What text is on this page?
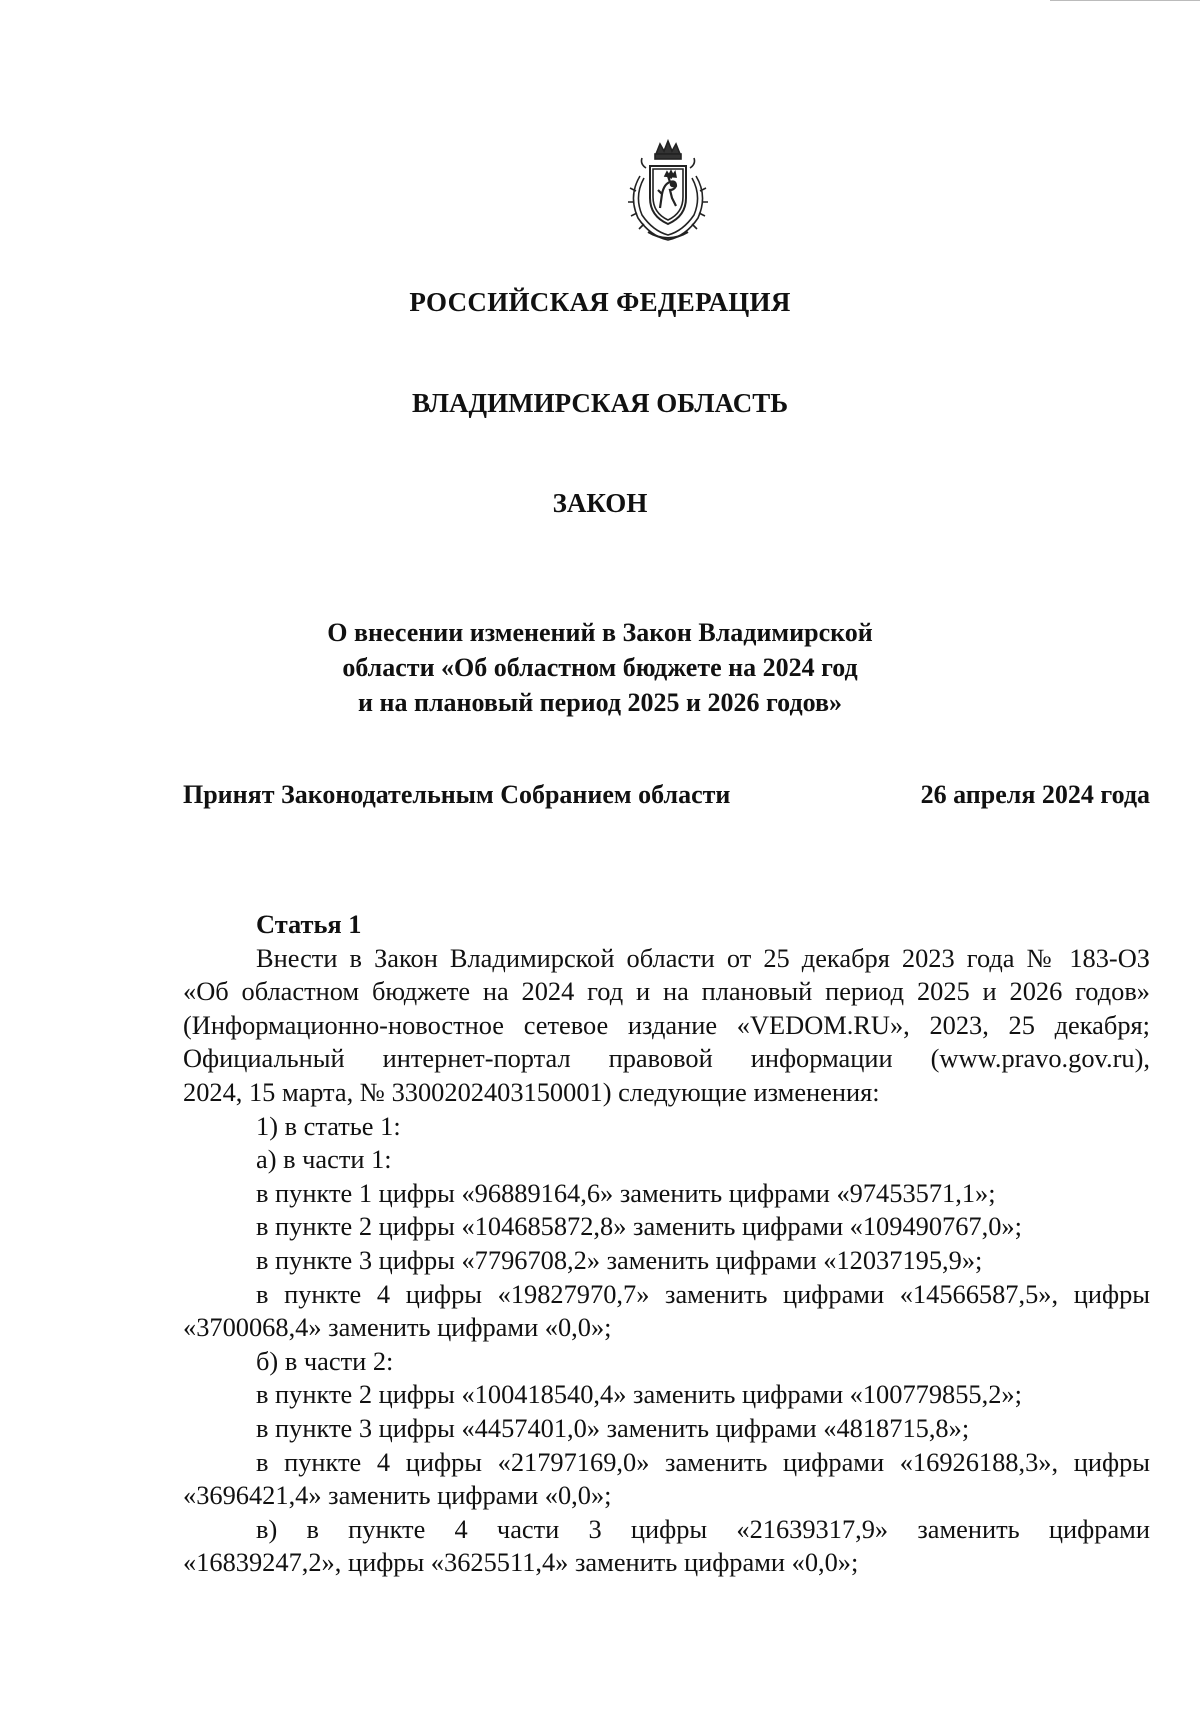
РОССИЙСКАЯ ФЕДЕРАЦИЯ
ВЛАДИМИРСКАЯ ОБЛАСТЬ
ЗАКОН
О внесении изменений в Закон Владимирской
области «Об областном бюджете на 2024 год
и на плановый период 2025 и 2026 годов»
Принят Законодательным Собранием области	26 апреля 2024 года

Статья 1

Внести в Закон Владимирской области от 25 декабря 2023 года № 183-ОЗ

«Об областном бюджете на 2024 год и на плановый период 2025 и 2026 годов»

(Информационно-новостное сетевое издание «VEDOM.RU», 2023, 25 декабря;

Официальный интернет-портал правовой информации (www.pravo.gov.ru),

2024, 15 марта, № 3300202403150001) следующие изменения:

1) в статье 1:

а) в части 1:

в пункте 1 цифры «96889164,6» заменить цифрами «97453571,1»;

в пункте 2 цифры «104685872,8» заменить цифрами «109490767,0»;

в пункте 3 цифры «7796708,2» заменить цифрами «12037195,9»;

в пункте 4 цифры «19827970,7» заменить цифрами «14566587,5», цифры

«3700068,4» заменить цифрами «0,0»;

б) в части 2:

в пункте 2 цифры «100418540,4» заменить цифрами «100779855,2»;

в пункте 3 цифры «4457401,0» заменить цифрами «4818715,8»;

в пункте 4 цифры «21797169,0» заменить цифрами «16926188,3», цифры

«3696421,4» заменить цифрами «0,0»;

в) в пункте 4 части 3 цифры «21639317,9» заменить цифрами

«16839247,2», цифры «3625511,4» заменить цифрами «0,0»;
